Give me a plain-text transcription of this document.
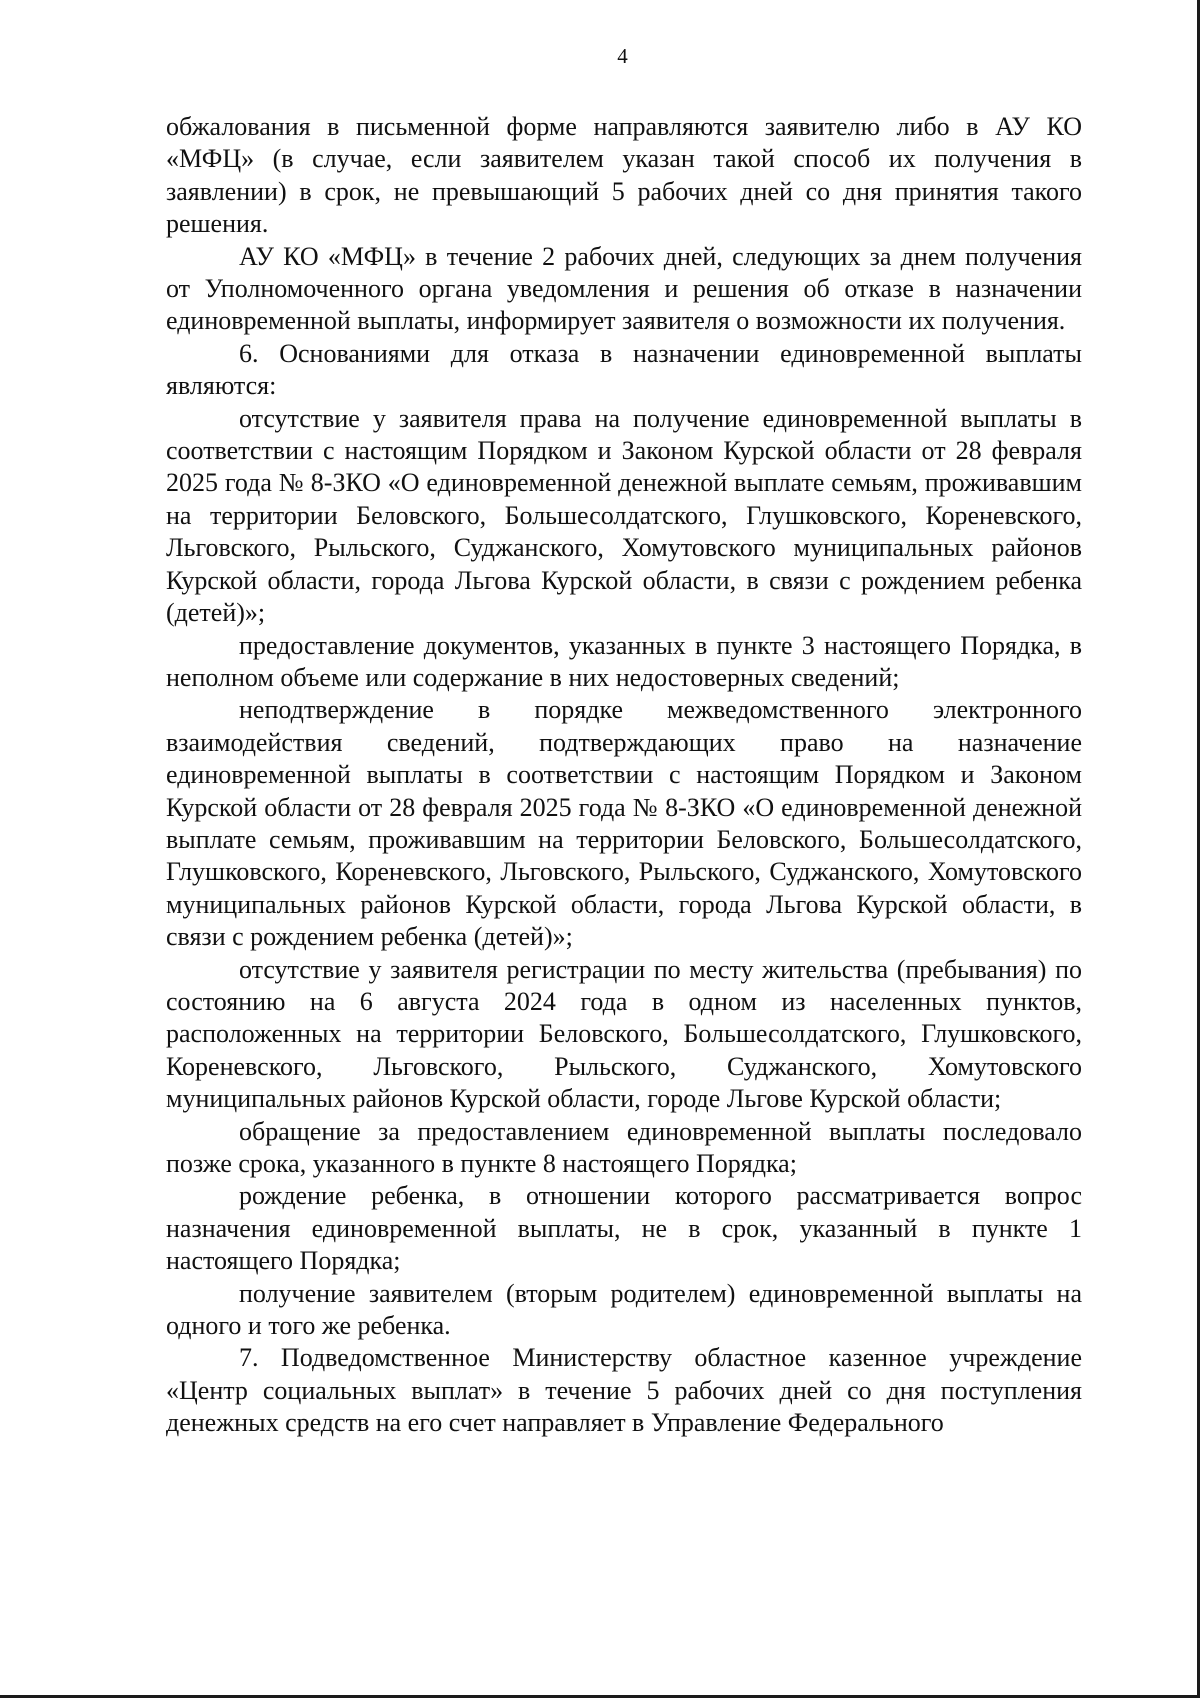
4

обжалования в письменной форме направляются заявителю либо в АУ КО «МФЦ» (в случае, если заявителем указан такой способ их получения в заявлении) в срок, не превышающий 5 рабочих дней со дня принятия такого решения.

АУ КО «МФЦ» в течение 2 рабочих дней, следующих за днем получения от Уполномоченного органа уведомления и решения об отказе в назначении единовременной выплаты, информирует заявителя о возможности их получения.

6. Основаниями для отказа в назначении единовременной выплаты являются:

отсутствие у заявителя права на получение единовременной выплаты в соответствии с настоящим Порядком и Законом Курской области от 28 февраля 2025 года № 8-ЗКО «О единовременной денежной выплате семьям, проживавшим на территории Беловского, Большесолдатского, Глушковского, Кореневского, Льговского, Рыльского, Суджанского, Хомутовского муниципальных районов Курской области, города Льгова Курской области, в связи с рождением ребенка (детей)»;

предоставление документов, указанных в пункте 3 настоящего Порядка, в неполном объеме или содержание в них недостоверных сведений;

неподтверждение в порядке межведомственного электронного взаимодействия сведений, подтверждающих право на назначение единовременной выплаты в соответствии с настоящим Порядком и Законом Курской области от 28 февраля 2025 года № 8-ЗКО «О единовременной денежной выплате семьям, проживавшим на территории Беловского, Большесолдатского, Глушковского, Кореневского, Льговского, Рыльского, Суджанского, Хомутовского муниципальных районов Курской области, города Льгова Курской области, в связи с рождением ребенка (детей)»;

отсутствие у заявителя регистрации по месту жительства (пребывания) по состоянию на 6 августа 2024 года в одном из населенных пунктов, расположенных на территории Беловского, Большесолдатского, Глушковского, Кореневского, Льговского, Рыльского, Суджанского, Хомутовского муниципальных районов Курской области, городе Льгове Курской области;

обращение за предоставлением единовременной выплаты последовало позже срока, указанного в пункте 8 настоящего Порядка;

рождение ребенка, в отношении которого рассматривается вопрос назначения единовременной выплаты, не в срок, указанный в пункте 1 настоящего Порядка;

получение заявителем (вторым родителем) единовременной выплаты на одного и того же ребенка.

7. Подведомственное Министерству областное казенное учреждение «Центр социальных выплат» в течение 5 рабочих дней со дня поступления денежных средств на его счет направляет в Управление Федерального
